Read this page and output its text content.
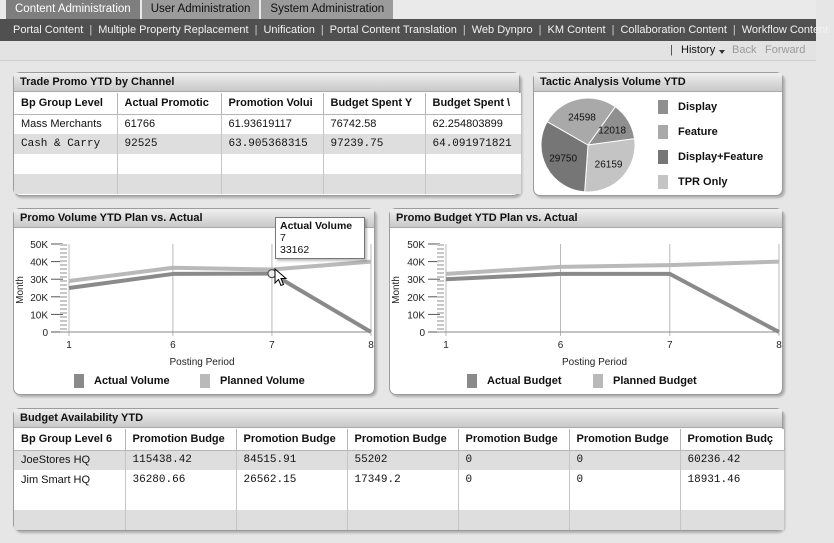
Content Administration	User Administration	System Administration
Portal Content | Multiple Property Replacement | Unification | Portal Content Translation | Web Dynpro | KM Content | Collaboration Content | Workflow Content
| History Back Forward
Trade Promo YTD by Channel
Bp Group Level	Actual Promotic	Promotion Volui	Budget Spent Y	Budget Spent \
Mass Merchants	61766	61.93619117	76742.58	62.254803899
Cash & Carry	92525	63.905368315	97239.75	64.091971821

Tactic Analysis Volume YTD
12018
26159
29750
24598
Display
Feature
Display+Feature
TPR Only
Promo Volume YTD Plan vs. Actual
50K
40K
30K
20K
10K
0
1	6	7	8
Posting Period
Month
Actual Volume	Planned Volume
Actual Volume
7
33162
Promo Budget YTD Plan vs. Actual
50K
40K
30K
20K
10K
0
1	6	7	8
Posting Period
Month
Actual Budget	Planned Budget
Budget Availability YTD
Bp Group Level 6	Promotion Budge	Promotion Budge	Promotion Budge	Promotion Budge	Promotion Budge	Promotion Budç
JoeStores HQ	115438.42	84515.91	55202	0	0	60236.42
Jim Smart HQ	36280.66	26562.15	17349.2	0	0	18931.46
